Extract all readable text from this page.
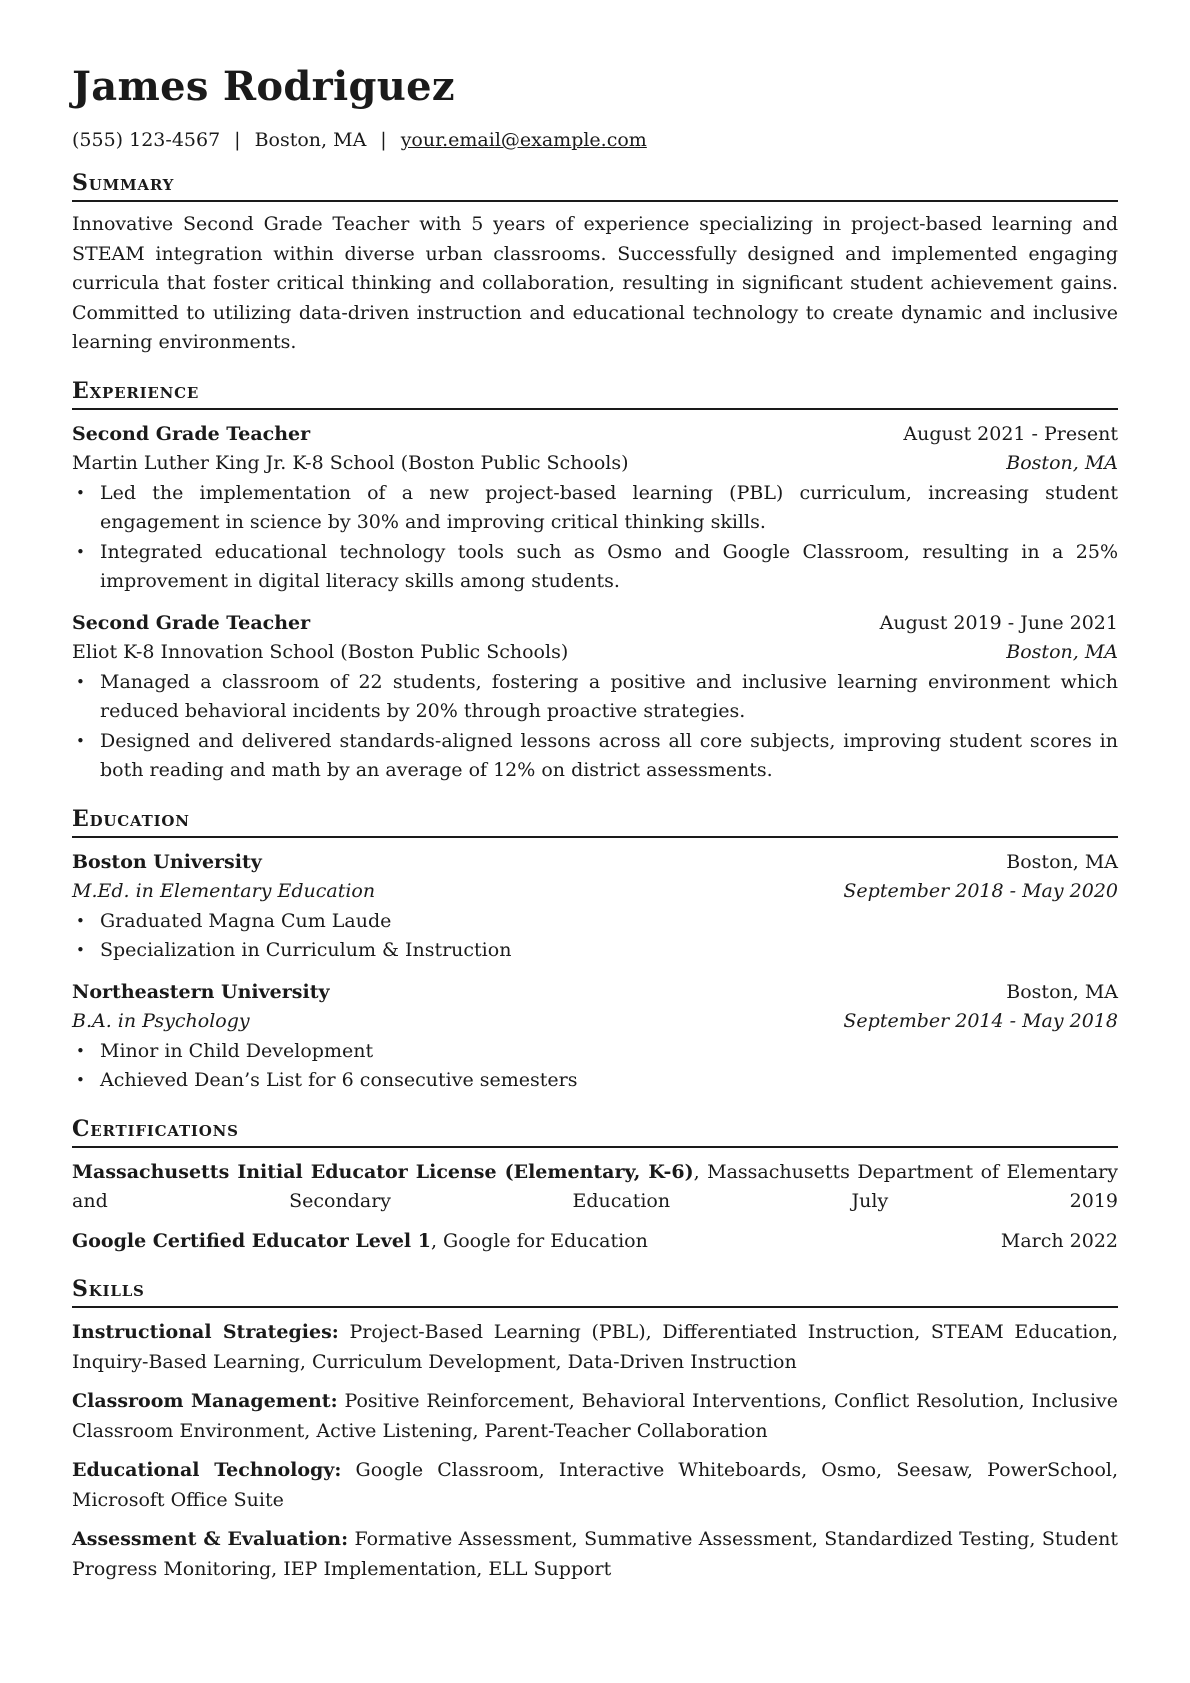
James Rodriguez
(555) 123-4567 | Boston, MA | your.email@example.com
Summary

Innovative Second Grade Teacher with 5 years of experience specializing in project-based learning and STEAM integration within diverse urban classrooms. Successfully designed and implemented engaging curricula that foster critical thinking and collaboration, resulting in significant student achievement gains. Committed to utilizing data-driven instruction and educational technology to create dynamic and inclusive learning environments.

Experience
Second Grade Teacher	August 2021 - Present
Martin Luther King Jr. K-8 School (Boston Public Schools)	Boston, MA
• Led the implementation of a new project-based learning (PBL) curriculum, increasing student engagement in science by 30% and improving critical thinking skills.
• Integrated educational technology tools such as Osmo and Google Classroom, resulting in a 25% improvement in digital literacy skills among students.
Second Grade Teacher	August 2019 - June 2021
Eliot K-8 Innovation School (Boston Public Schools)	Boston, MA
• Managed a classroom of 22 students, fostering a positive and inclusive learning environment which reduced behavioral incidents by 20% through proactive strategies.
• Designed and delivered standards-aligned lessons across all core subjects, improving student scores in both reading and math by an average of 12% on district assessments.
Education
Boston University	Boston, MA
M.Ed. in Elementary Education	September 2018 - May 2020
• Graduated Magna Cum Laude
• Specialization in Curriculum & Instruction
Northeastern University	Boston, MA
B.A. in Psychology	September 2014 - May 2018
• Minor in Child Development
• Achieved Dean’s List for 6 consecutive semesters
Certifications
Massachusetts Initial Educator License (Elementary, K-6), Massachusetts Department of Elementary and Secondary Education	July 2019
Google Certified Educator Level 1, Google for Education	March 2022
Skills
Instructional Strategies: Project-Based Learning (PBL), Differentiated Instruction, STEAM Education, Inquiry-Based Learning, Curriculum Development, Data-Driven Instruction
Classroom Management: Positive Reinforcement, Behavioral Interventions, Conflict Resolution, Inclusive Classroom Environment, Active Listening, Parent-Teacher Collaboration
Educational Technology: Google Classroom, Interactive Whiteboards, Osmo, Seesaw, PowerSchool, Microsoft Office Suite
Assessment & Evaluation: Formative Assessment, Summative Assessment, Standardized Testing, Student Progress Monitoring, IEP Implementation, ELL Support
